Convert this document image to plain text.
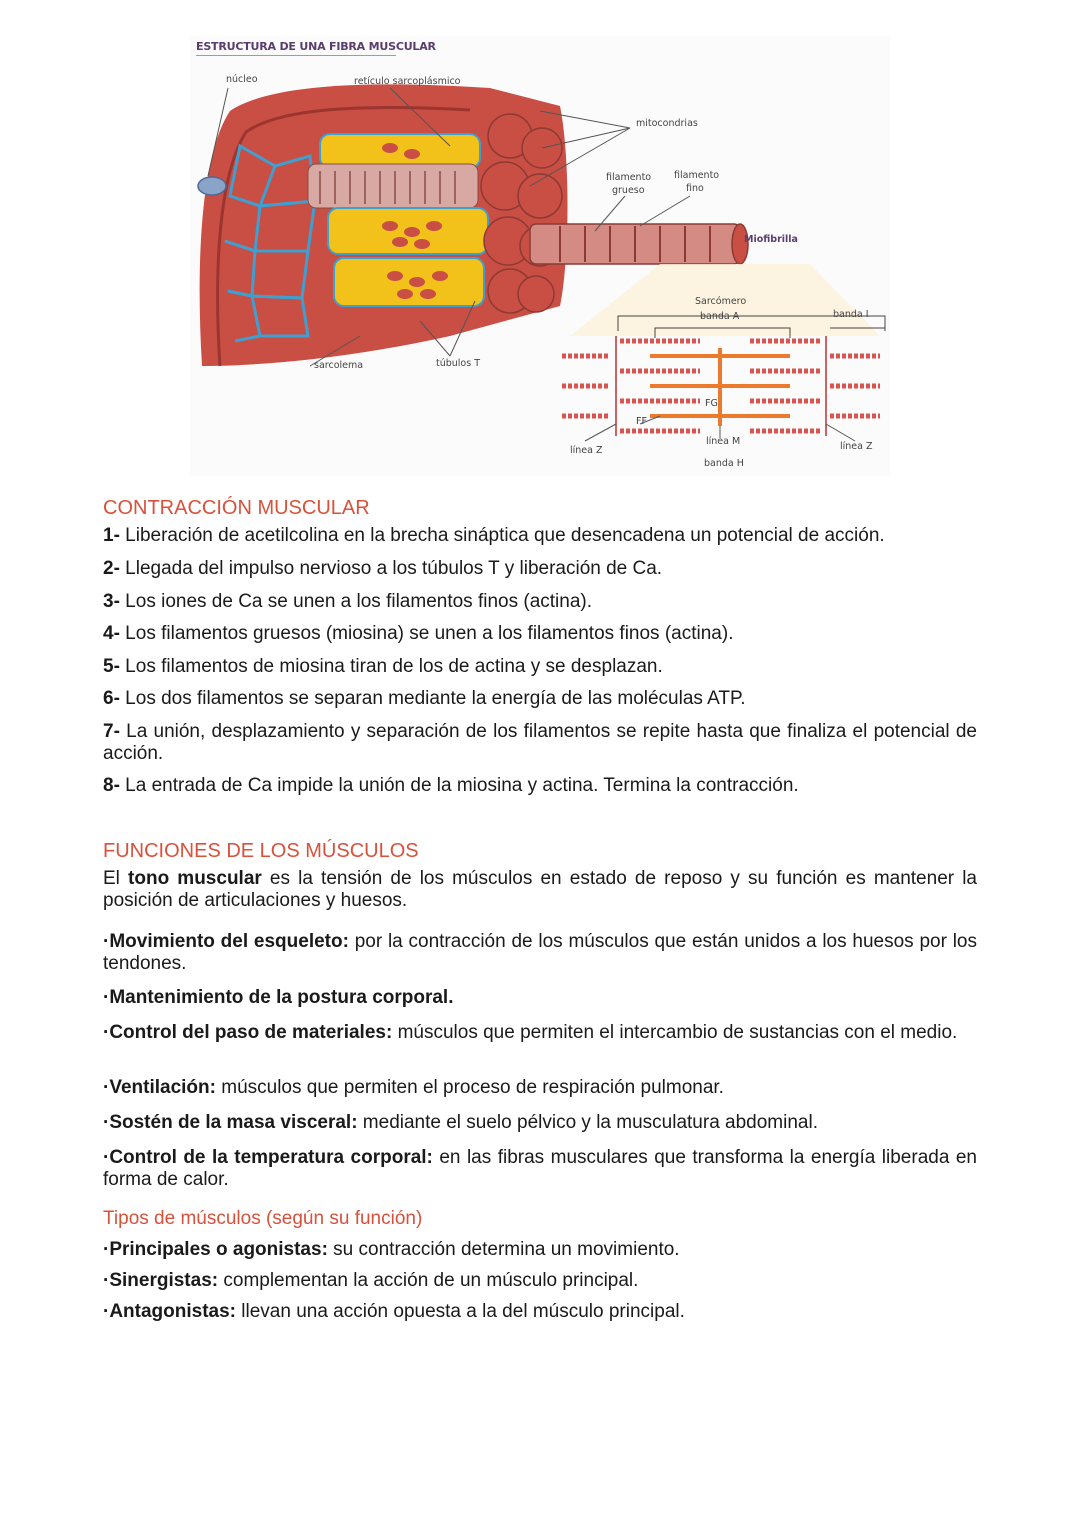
ESTRUCTURA DE UNA FIBRA MUSCULAR
núcleo	retículo sarcoplásmico
mitocondrias
filamento
grueso
filamento
fino
Miofibrilla
sarcolema	túbulos T
Sarcómero
banda A	banda I
FF
FG
línea Z
línea M
banda H
línea Z
CONTRACCIÓN MUSCULAR
1- Liberación de acetilcolina en la brecha sináptica que desencadena un potencial de acción.
2- Llegada del impulso nervioso a los túbulos T y liberación de Ca.
3- Los iones de Ca se unen a los filamentos finos (actina).
4- Los filamentos gruesos (miosina) se unen a los filamentos finos (actina).
5- Los filamentos de miosina tiran de los de actina y se desplazan.
6- Los dos filamentos se separan mediante la energía de las moléculas ATP.
7- La unión, desplazamiento y separación de los filamentos se repite hasta que finaliza el potencial de acción.
8- La entrada de Ca impide la unión de la miosina y actina. Termina la contracción.
FUNCIONES DE LOS MÚSCULOS
El tono muscular es la tensión de los músculos en estado de reposo y su función es mantener la posición de articulaciones y huesos.
·Movimiento del esqueleto: por la contracción de los músculos que están unidos a los huesos por los tendones.
·Mantenimiento de la postura corporal.
·Control del paso de materiales: músculos que permiten el intercambio de sustancias con el medio.
·Ventilación: músculos que permiten el proceso de respiración pulmonar.
·Sostén de la masa visceral: mediante el suelo pélvico y la musculatura abdominal.
·Control de la temperatura corporal: en las fibras musculares que transforma la energía liberada en forma de calor.
Tipos de músculos (según su función)
·Principales o agonistas: su contracción determina un movimiento.
·Sinergistas: complementan la acción de un músculo principal.
·Antagonistas: llevan una acción opuesta a la del músculo principal.
